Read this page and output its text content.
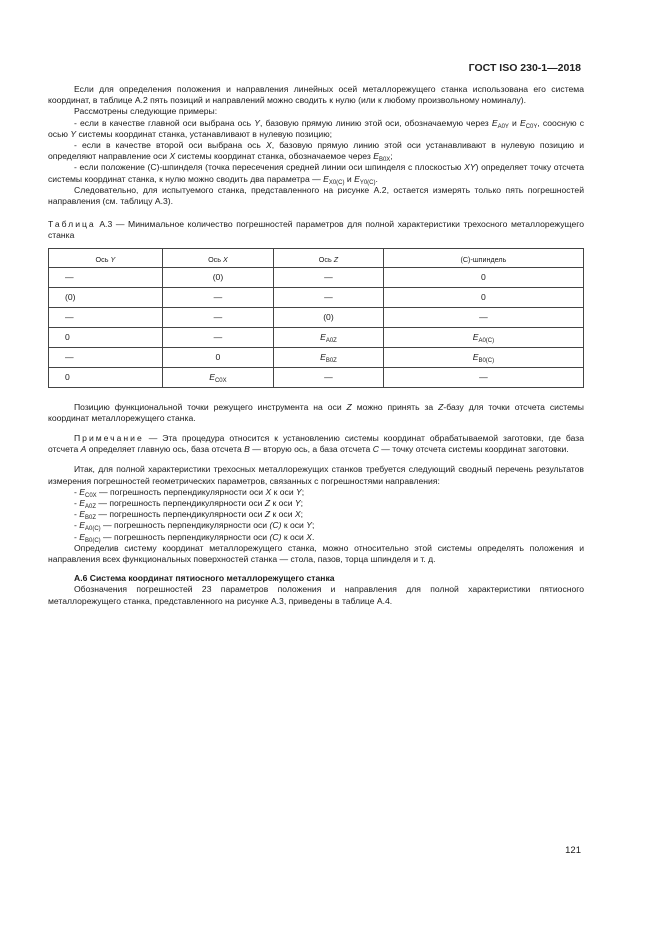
ГОСТ ISO 230-1—2018

Если для определения положения и направления линейных осей металлорежущего станка использована его система координат, в таблице А.2 пять позиций и направлений можно сводить к нулю (или к любому произвольному номиналу).

Рассмотрены следующие примеры:

- если в качестве главной оси выбрана ось Y, базовую прямую линию этой оси, обозначаемую через $E_{A0Y}$ и $E_{C0Y}$, соосную с осью Y системы координат станка, устанавливают в нулевую позицию;

- если в качестве второй оси выбрана ось X, базовую прямую линию этой оси устанавливают в нулевую позицию и определяют направление оси X системы координат станка, обозначаемое через $E_{B0X}$;

- если положение (С)-шпинделя (точка пересечения средней линии оси шпинделя с плоскостью XY) определяет точку отсчета системы координат станка, к нулю можно сводить два параметра — $E_{X0(C)}$ и $E_{Y0(C)}$.

Следовательно, для испытуемого станка, представленного на рисунке А.2, остается измерять только пять погрешностей направления (см. таблицу А.3).

Таблица А.3 — Минимальное количество погрешностей параметров для полной характеристики трехосного металлорежущего станка

Ось Y	Ось X	Ось Z	(С)-шпиндель
—	(0)	—	0
(0)	—	—	0
—	—	(0)	—
0	—	$E_{A0Z}$	$E_{A0(C)}$
—	0	$E_{B0Z}$	$E_{B0(C)}$
0	$E_{C0X}$	—	—

Позицию функциональной точки режущего инструмента на оси Z можно принять за Z-базу для точки отсчета системы координат металлорежущего станка.

Примечание — Эта процедура относится к установлению системы координат обрабатываемой заготовки, где база отсчета A определяет главную ось, база отсчета B — вторую ось, а база отсчета C — точку отсчета системы координат заготовки.

Итак, для полной характеристики трехосных металлорежущих станков требуется следующий сводный перечень результатов измерения погрешностей геометрических параметров, связанных с погрешностями направления:

- $E_{C0X}$ — погрешность перпендикулярности оси X к оси Y;

- $E_{A0Z}$ — погрешность перпендикулярности оси Z к оси Y;

- $E_{B0Z}$ — погрешность перпендикулярности оси Z к оси X;

- $E_{A0(C)}$ — погрешность перпендикулярности оси (C) к оси Y;

- $E_{B0(C)}$ — погрешность перпендикулярности оси (C) к оси X.

Определив систему координат металлорежущего станка, можно относительно этой системы определять положения и направления всех функциональных поверхностей станка — стола, пазов, торца шпинделя и т. д.

А.6 Система координат пятиосного металлорежущего станка

Обозначения погрешностей 23 параметров положения и направления для полной характеристики пятиосного металлорежущего станка, представленного на рисунке А.3, приведены в таблице А.4.

121
